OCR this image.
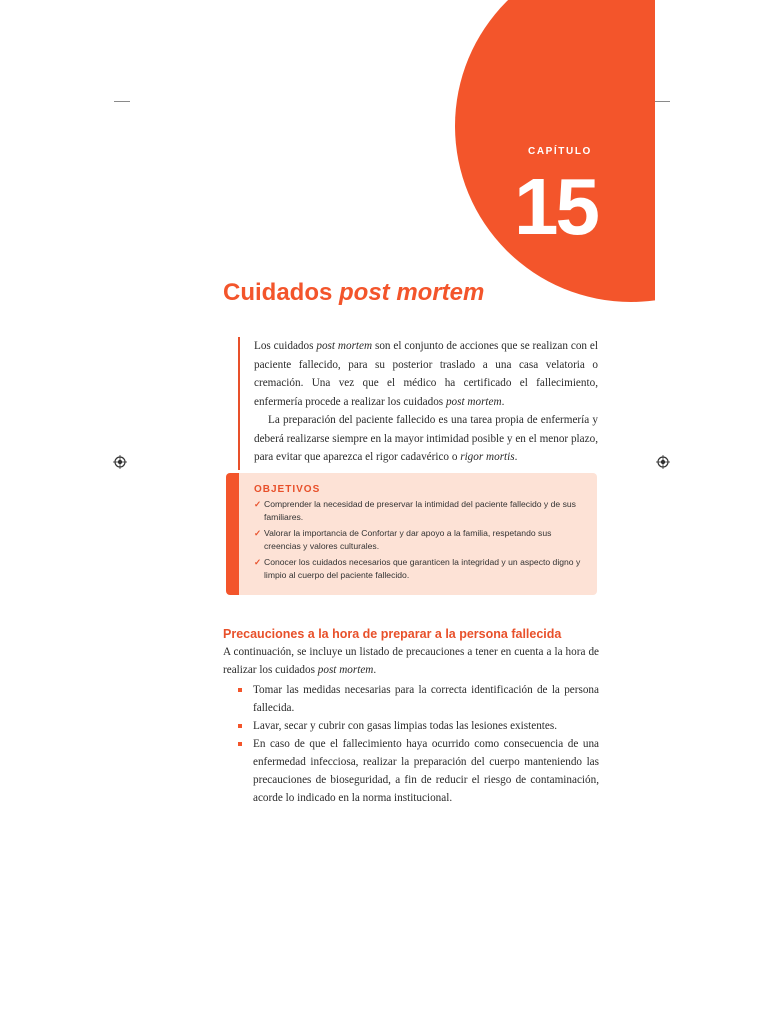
CAPÍTULO
15
Cuidados post mortem

Los cuidados post mortem son el conjunto de acciones que se realizan con el paciente fallecido, para su posterior traslado a una casa velatoria o cremación. Una vez que el médico ha certificado el fallecimiento, enfermería procede a realizar los cuidados post mortem.

La preparación del paciente fallecido es una tarea propia de enfermería y deberá realizarse siempre en la mayor intimidad posible y en el menor plazo, para evitar que aparezca el rigor cadavérico o rigor mortis.

OBJETIVOS
✓ Comprender la necesidad de preservar la intimidad del paciente fallecido y de sus familiares.
✓ Valorar la importancia de Confortar y dar apoyo a la familia, respetando sus creencias y valores culturales.
✓ Conocer los cuidados necesarios que garanticen la integridad y un aspecto digno y limpio al cuerpo del paciente fallecido.
Precauciones a la hora de preparar a la persona fallecida

A continuación, se incluye un listado de precauciones a tener en cuenta a la hora de realizar los cuidados post mortem.

Tomar las medidas necesarias para la correcta identificación de la persona fallecida.
Lavar, secar y cubrir con gasas limpias todas las lesiones existentes.
En caso de que el fallecimiento haya ocurrido como consecuencia de una enfermedad infecciosa, realizar la preparación del cuerpo manteniendo las precauciones de bioseguridad, a fin de reducir el riesgo de contaminación, acorde lo indicado en la norma institucional.
